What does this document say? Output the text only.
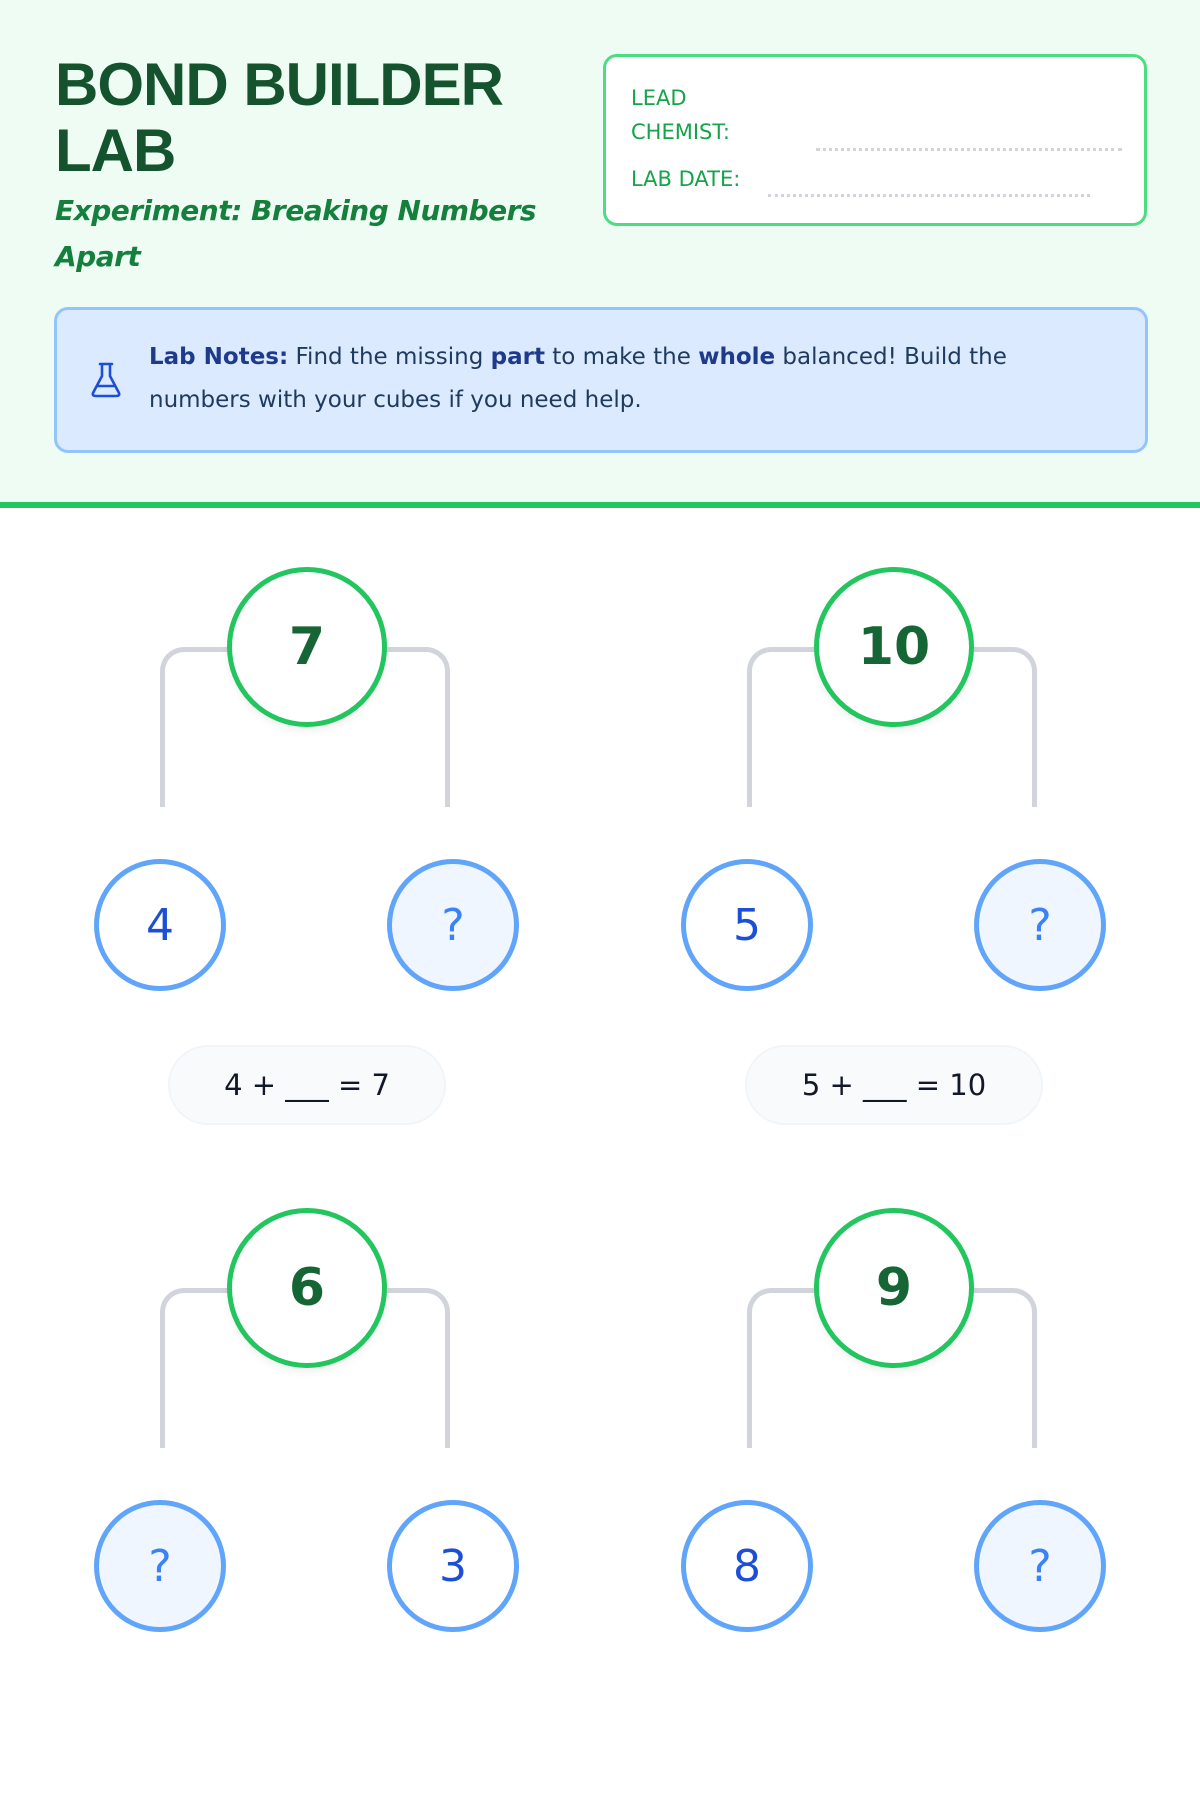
BOND BUILDER LAB
Experiment: Breaking Numbers Apart
LEAD CHEMIST:
LAB DATE:
Lab Notes: Find the missing part to make the whole balanced! Build the numbers with your cubes if you need help.
7
4	?
4 + ___ = 7
10
5	?
5 + ___ = 10
6
?	3
9
8	?
